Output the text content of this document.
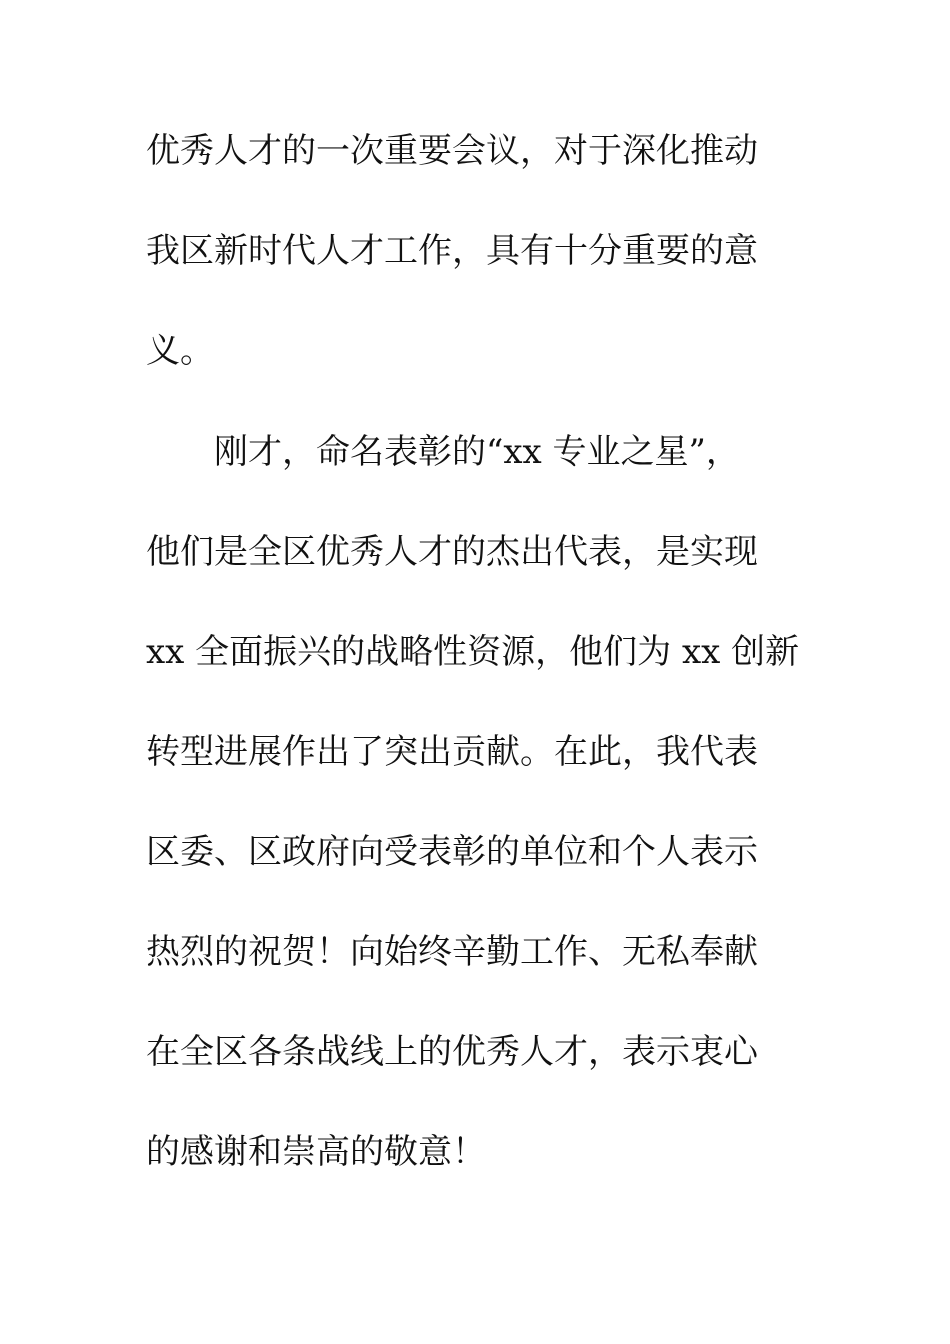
优秀人才的一次重要会议，对于深化推动
我区新时代人才工作，具有十分重要的意
义。
刚才，命名表彰的“xx 专业之星”，
他们是全区优秀人才的杰出代表，是实现
xx 全面振兴的战略性资源，他们为 xx 创新
转型进展作出了突出贡献。在此，我代表
区委、区政府向受表彰的单位和个人表示
热烈的祝贺！向始终辛勤工作、无私奉献
在全区各条战线上的优秀人才，表示衷心
的感谢和崇高的敬意！
